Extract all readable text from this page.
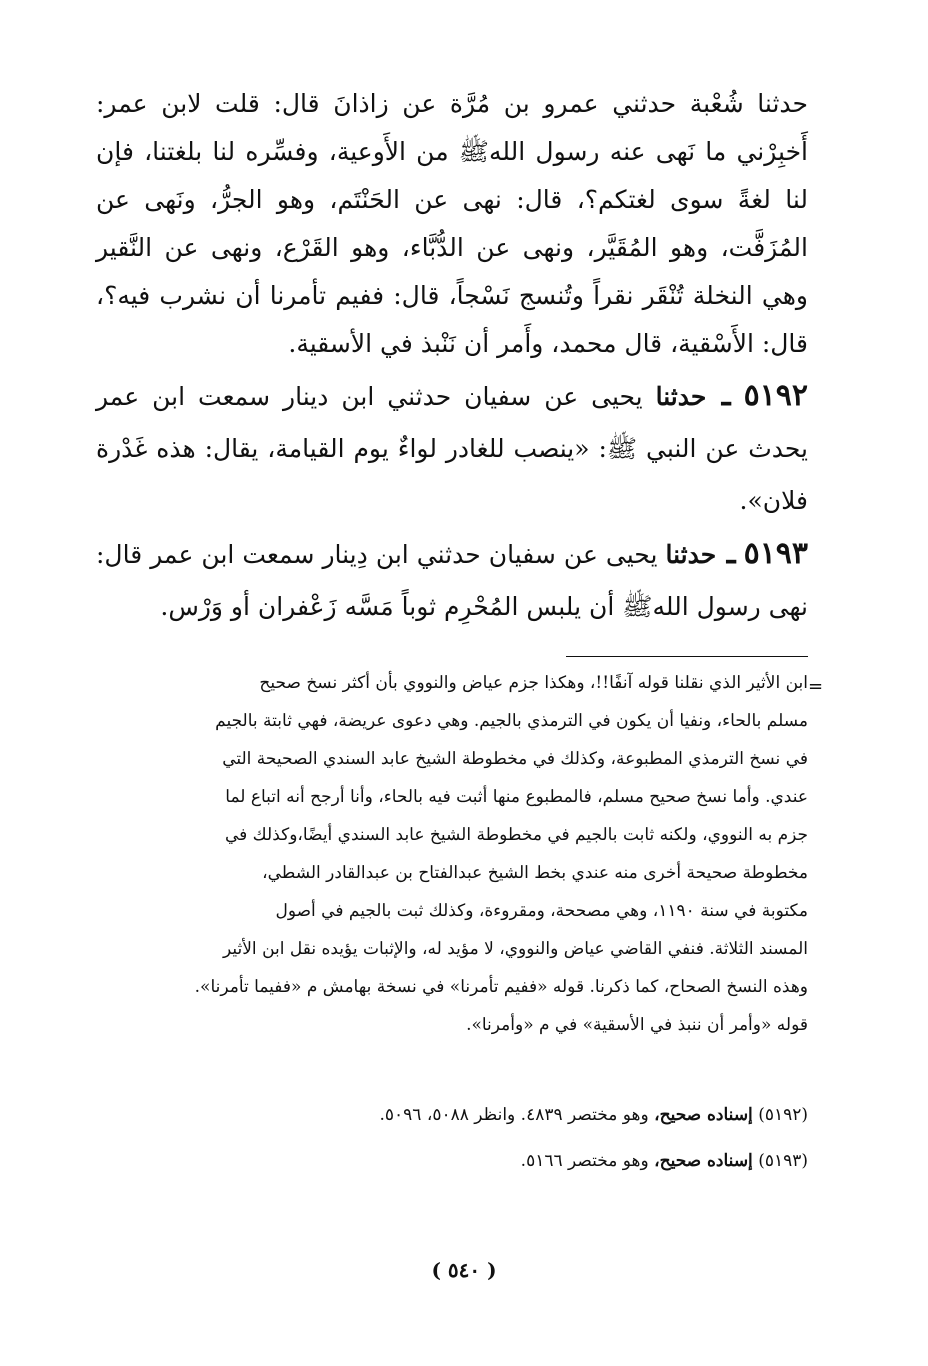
حدثنا شُعْبة حدثني عمرو بن مُرَّة عن زاذانَ قال: قلت لابن عمر: أَخبِرْني ما نَهى عنه رسول اللهﷺ من الأَوعية، وفسِّره لنا بلغتنا، فإن لنا لغةً سوى لغتكم؟، قال: نهى عن الحَنْتَم، وهو الجرُّ، ونَهى عن المُزَفَّت، وهو المُقَيَّر، ونهى عن الدُّبَّاء، وهو القَرْع، ونهى عن النَّقير وهي النخلة تُنْقَر نقراً وتُنسج نَسْجاً، قال: ففيم تأمرنا أن نشرب فيه؟، قال: الأَسْقية، قال محمد، وأَمر أن نَنْبذ في الأسقية.
٥١٩٢ ـ حدثنا يحيى عن سفيان حدثني ابن دينار سمعت ابن عمر يحدث عن النبي ﷺ: «ينصب للغادر لواءٌ يوم القيامة، يقال: هذه غَدْرة فلان».
٥١٩٣ ـ حدثنا يحيى عن سفيان حدثني ابن دِينار سمعت ابن عمر قال: نهى رسول اللهﷺ أن يلبس المُحْرِم ثوباً مَسَّه زَعْفران أو وَرْس.
=

ابن الأثير الذي نقلنا قوله آنفًا!!، وهكذا جزم عياض والنووي بأن أكثر نسخ صحيح

مسلم بالحاء، ونفيا أن يكون في الترمذي بالجيم. وهي دعوى عريضة، فهي ثابتة بالجيم

في نسخ الترمذي المطبوعة، وكذلك في مخطوطة الشيخ عابد السندي الصحيحة التي

عندي. وأما نسخ صحيح مسلم، فالمطبوع منها أثبت فيه بالحاء، وأنا أرجح أنه اتباع لما

جزم به النووي، ولكنه ثابت بالجيم في مخطوطة الشيخ عابد السندي أيضًا،وكذلك في

مخطوطة صحيحة أخرى منه عندي بخط الشيخ عبدالفتاح بن عبدالقادر الشطي،

مكتوبة في سنة ١١٩٠، وهي مصححة، ومقروءة، وكذلك ثبت بالجيم في أصول

المسند الثلاثة. فنفي القاضي عياض والنووي، لا مؤيد له، والإثبات يؤيده نقل ابن الأثير

وهذه النسخ الصحاح، كما ذكرنا. قوله «ففيم تأمرنا» في نسخة بهامش م «ففيما تأمرنا».

قوله «وأمر أن ننبذ في الأسقية» في م «وأمرنا».

(٥١٩٢) إسناده صحيح، وهو مختصر ٤٨٣٩. وانظر ٥٠٨٨، ٥٠٩٦.
(٥١٩٣) إسناده صحيح، وهو مختصر ٥١٦٦.
( ٥٤٠ )
